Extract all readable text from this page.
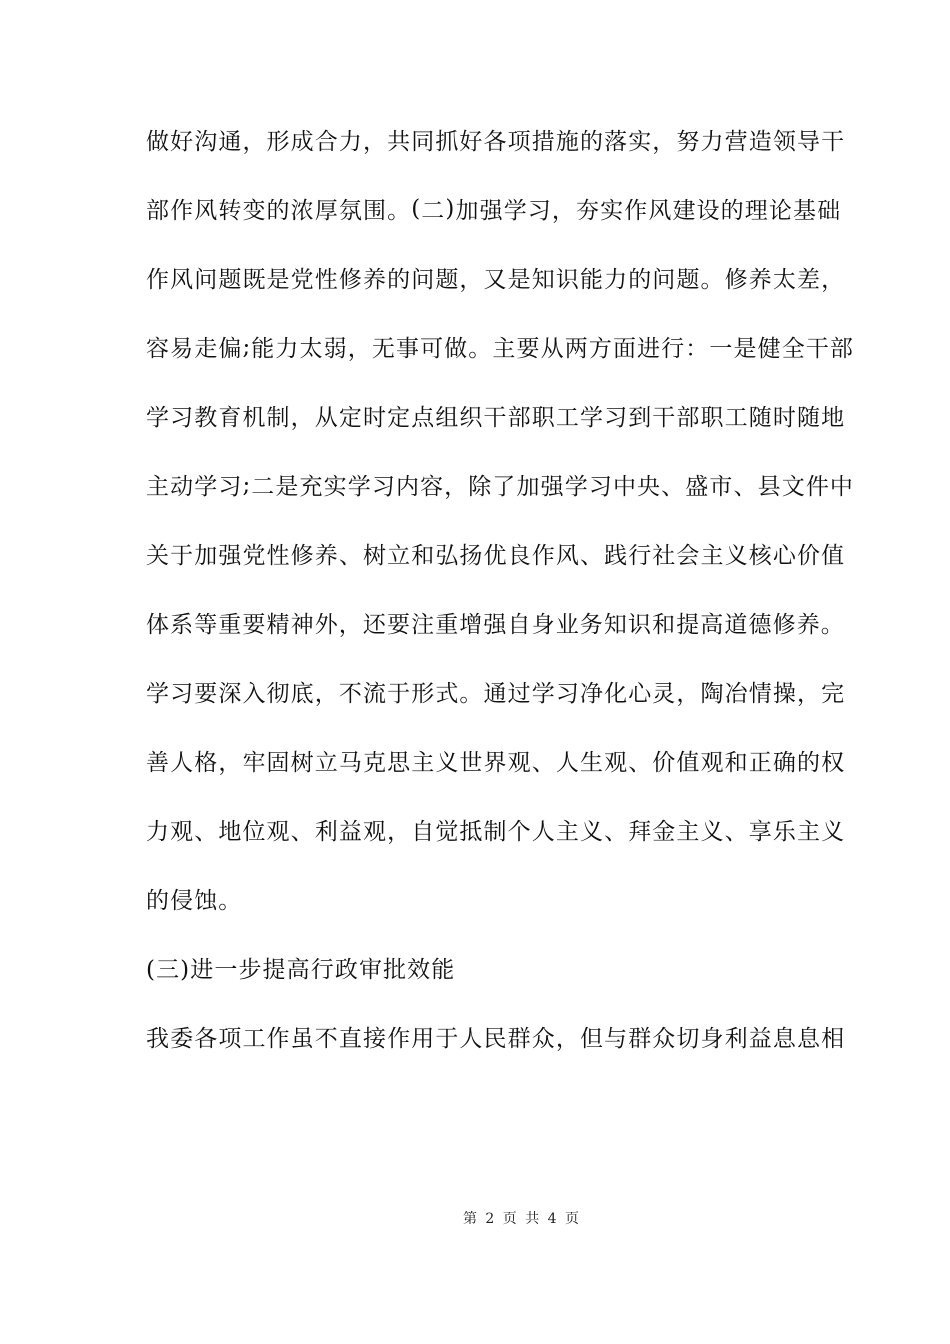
做 好 沟 通 ， 形 成 合 力 ， 共 同 抓 好 各 项 措 施 的 落 实 ， 努 力 营 造 领 导 干
部 作 风 转 变 的 浓 厚 氛 围 。 ( 二 ) 加 强 学 习 ， 夯 实 作 风 建 设 的 理 论 基 础
作 风 问 题 既 是 党 性 修 养 的 问 题 ， 又 是 知 识 能 力 的 问 题 。 修 养 太 差 ，
容 易 走 偏 ; 能 力 太 弱 ， 无 事 可 做 。 主 要 从 两 方 面 进 行 ： 一 是 健 全 干 部
学 习 教 育 机 制 ， 从 定 时 定 点 组 织 干 部 职 工 学 习 到 干 部 职 工 随 时 随 地
主 动 学 习 ; 二 是 充 实 学 习 内 容 ， 除 了 加 强 学 习 中 央 、 盛 市 、 县 文 件 中
关 于 加 强 党 性 修 养 、 树 立 和 弘 扬 优 良 作 风 、 践 行 社 会 主 义 核 心 价 值
体系等重要精神外，还要注重增强自身业务知识和提高道德修养。
学 习 要 深 入 彻 底 ， 不 流 于 形 式 。 通 过 学 习 净 化 心 灵 ， 陶 冶 情 操 ， 完
善 人 格 ， 牢 固 树 立 马 克 思 主 义 世 界 观 、 人 生 观 、 价 值 观 和 正 确 的 权
力 观 、 地 位 观 、 利 益 观 ， 自 觉 抵 制 个 人 主 义 、 拜 金 主 义 、 享 乐 主 义
的侵蚀。
(三)进一步提高行政审批效能
我 委 各 项 工 作 虽 不 直 接 作 用 于 人 民 群 众 ， 但 与 群 众 切 身 利 益 息 息 相
第 2 页 共 4 页
